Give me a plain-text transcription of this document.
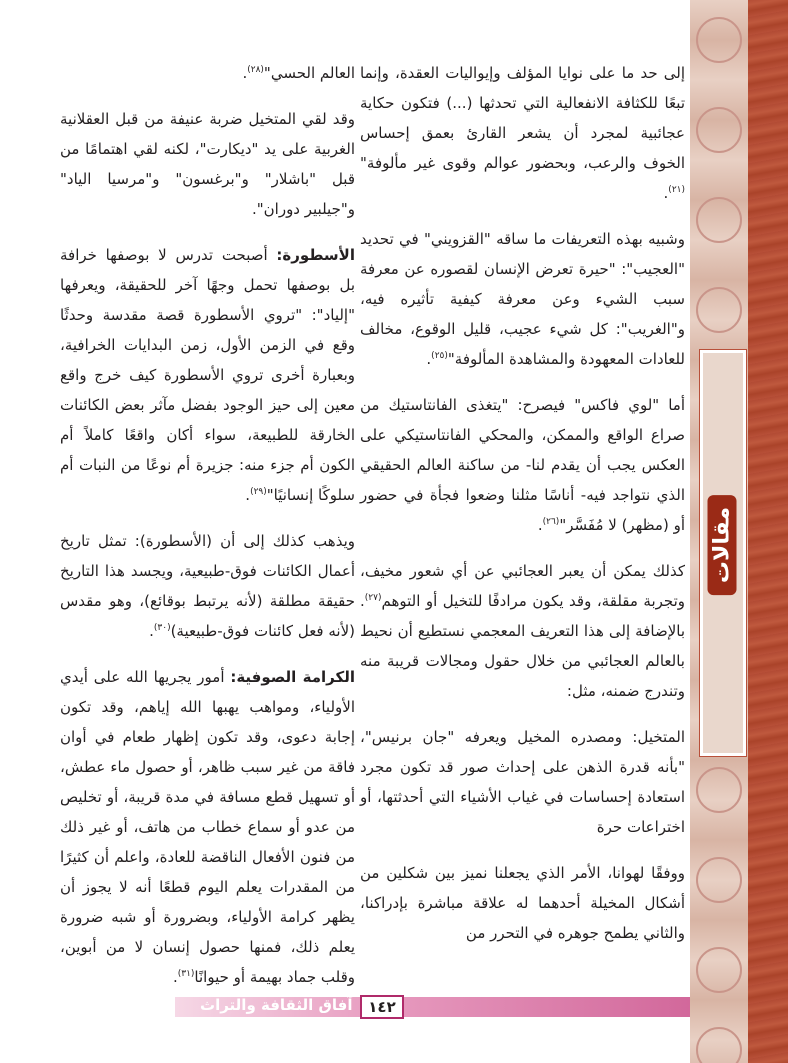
مقالات

إلى حد ما على نوايا المؤلف وإيواليات العقدة، وإنما تبعًا للكثافة الانفعالية التي تحدثها (...) فتكون حكاية عجائبية لمجرد أن يشعر القارئ بعمق إحساس الخوف والرعب، وبحضور عوالم وقوى غير مألوفة"$^{(٢١)}$.

وشبيه بهذه التعريفات ما ساقه "القزويني" في تحديد "العجيب": "حيرة تعرض الإنسان لقصوره عن معرفة سبب الشيء وعن معرفة كيفية تأثيره فيه، و"الغريب": كل شيء عجيب، قليل الوقوع، مخالف للعادات المعهودة والمشاهدة المألوفة"$^{(٢٥)}$.

أما "لوي فاكس" فيصرح: "يتغذى الفانتاستيك من صراع الواقع والممكن، والمحكي الفانتاستيكي على العكس يجب أن يقدم لنا- من ساكنة العالم الحقيقي الذي نتواجد فيه- أناسًا مثلنا وضعوا فجأة في حضور أو (مظهر) لا مُفَسَّر"$^{(٢٦)}$.

كذلك يمكن أن يعبر العجائبي عن أي شعور مخيف، وتجربة مقلقة، وقد يكون مرادفًا للتخيل أو التوهم$^{(٢٧)}$. بالإضافة إلى هذا التعريف المعجمي نستطيع أن نحيط بالعالم العجائبي من خلال حقول ومجالات قريبة منه وتندرج ضمنه، مثل:

المتخيل: ومصدره المخيل ويعرفه "جان برنيس"، "بأنه قدرة الذهن على إحداث صور قد تكون مجرد استعادة إحساسات في غياب الأشياء التي أحدثتها، أو اختراعات حرة

ووفقًا لهوانا، الأمر الذي يجعلنا نميز بين شكلين من أشكال المخيلة أحدهما له علاقة مباشرة بإدراكنا، والثاني يطمح جوهره في التحرر من

العالم الحسي"$^{(٢٨)}$.

وقد لقي المتخيل ضربة عنيفة من قبل العقلانية الغربية على يد "ديكارت"، لكنه لقي اهتمامًا من قبل "باشلار" و"برغسون" و"مرسيا الياد" و"جيلبير دوران".

الأسطورة: أصبحت تدرس لا بوصفها خرافة بل بوصفها تحمل وجهًا آخر للحقيقة، ويعرفها "إلياد": "تروي الأسطورة قصة مقدسة وحدثًا وقع في الزمن الأول، زمن البدايات الخرافية، وبعبارة أخرى تروي الأسطورة كيف خرج واقع معين إلى حيز الوجود بفضل مآثر بعض الكائنات الخارقة للطبيعة، سواء أكان واقعًا كاملاً أم الكون أم جزء منه: جزيرة أم نوعًا من النبات أم سلوكًا إنسانيًا"$^{(٢٩)}$.

ويذهب كذلك إلى أن (الأسطورة): تمثل تاريخ أعمال الكائنات فوق-طبيعية، ويجسد هذا التاريخ حقيقة مطلقة (لأنه يرتبط بوقائع)، وهو مقدس (لأنه فعل كائنات فوق-طبيعية)$^{(٣٠)}$.

الكرامة الصوفية: أمور يجريها الله على أيدي الأولياء، ومواهب يهبها الله إياهم، وقد تكون إجابة دعوى، وقد تكون إظهار طعام في أوان فاقة من غير سبب ظاهر، أو حصول ماء عطش، أو تسهيل قطع مسافة في مدة قريبة، أو تخليص من عدو أو سماع خطاب من هاتف، أو غير ذلك من فنون الأفعال الناقضة للعادة، واعلم أن كثيرًا من المقدرات يعلم اليوم قطعًا أنه لا يجوز أن يظهر كرامة الأولياء، وبضرورة أو شبه ضرورة يعلم ذلك، فمنها حصول إنسان لا من أبوين، وقلب جماد بهيمة أو حيوانًا$^{(٣١)}$.

آفاق الثقافة والتراث	١٤٢
